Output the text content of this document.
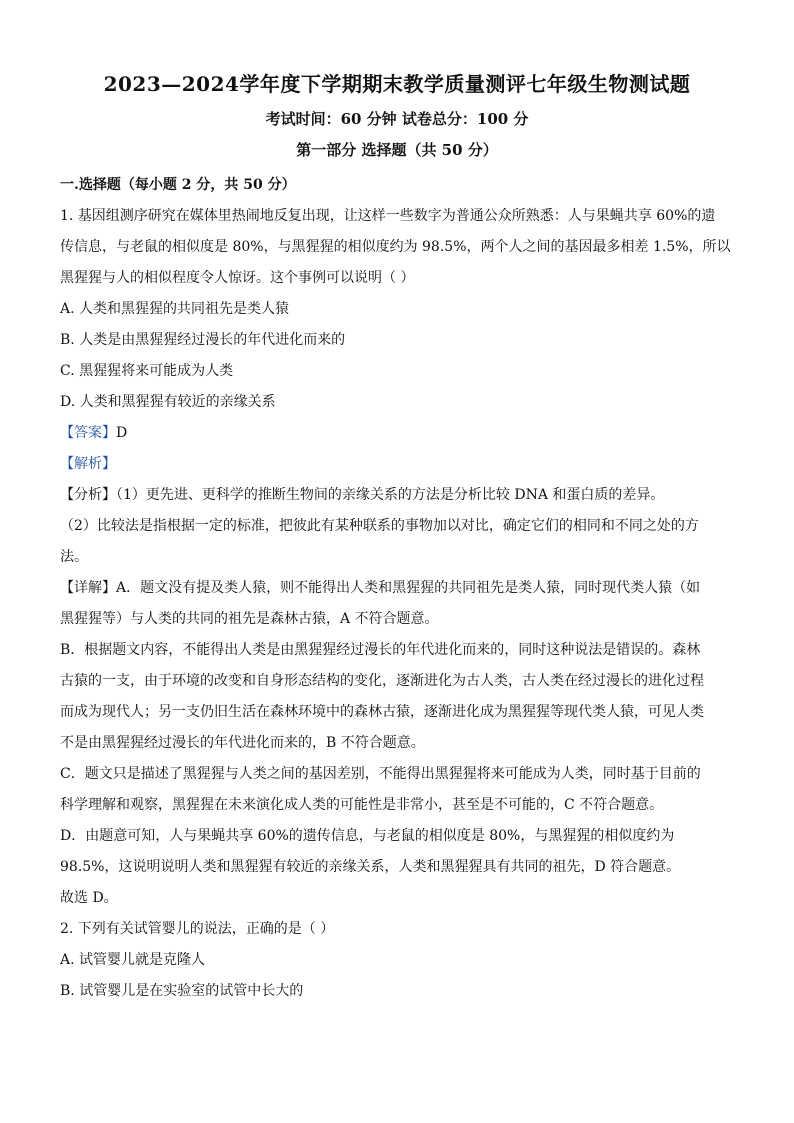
2023—2024学年度下学期期末教学质量测评七年级生物测试题
考试时间：60 分钟 试卷总分：100 分
第一部分 选择题（共 50 分）

一.选择题（每小题 2 分，共 50 分）

1. 基因组测序研究在媒体里热闹地反复出现，让这样一些数字为普通公众所熟悉：人与果蝇共享 60%的遗

传信息，与老鼠的相似度是 80%，与黑猩猩的相似度约为 98.5%，两个人之间的基因最多相差 1.5%，所以

黑猩猩与人的相似程度令人惊讶。这个事例可以说明（ ）

A. 人类和黑猩猩的共同祖先是类人猿

B. 人类是由黑猩猩经过漫长的年代进化而来的

C. 黑猩猩将来可能成为人类

D. 人类和黑猩猩有较近的亲缘关系

【答案】D

【解析】

【分析】（1）更先进、更科学的推断生物间的亲缘关系的方法是分析比较 DNA 和蛋白质的差异。

（2）比较法是指根据一定的标准，把彼此有某种联系的事物加以对比，确定它们的相同和不同之处的方

法。

【详解】A．题文没有提及类人猿，则不能得出人类和黑猩猩的共同祖先是类人猿，同时现代类人猿（如

黑猩猩等）与人类的共同的祖先是森林古猿，A 不符合题意。

B．根据题文内容，不能得出人类是由黑猩猩经过漫长的年代进化而来的，同时这种说法是错误的。森林

古猿的一支，由于环境的改变和自身形态结构的变化，逐渐进化为古人类，古人类在经过漫长的进化过程

而成为现代人；另一支仍旧生活在森林环境中的森林古猿，逐渐进化成为黑猩猩等现代类人猿，可见人类

不是由黑猩猩经过漫长的年代进化而来的，B 不符合题意。

C．题文只是描述了黑猩猩与人类之间的基因差别，不能得出黑猩猩将来可能成为人类，同时基于目前的

科学理解和观察，黑猩猩在未来演化成人类的可能性是非常小，甚至是不可能的，C 不符合题意。

D．由题意可知，人与果蝇共享 60%的遗传信息，与老鼠的相似度是 80%，与黑猩猩的相似度约为

98.5%，这说明说明人类和黑猩猩有较近的亲缘关系，人类和黑猩猩具有共同的祖先，D 符合题意。

故选 D。

2. 下列有关试管婴儿的说法，正确的是（ ）

A. 试管婴儿就是克隆人

B. 试管婴儿是在实验室的试管中长大的
